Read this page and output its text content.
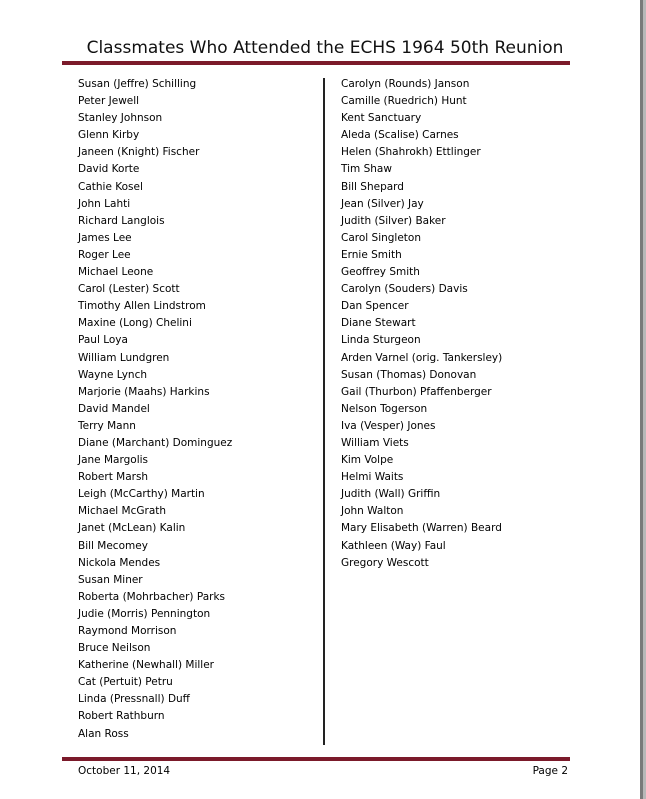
Classmates Who Attended the ECHS 1964 50th Reunion
Susan (Jeffre) Schilling
Peter Jewell
Stanley Johnson
Glenn Kirby
Janeen (Knight) Fischer
David Korte
Cathie Kosel
John Lahti
Richard Langlois
James Lee
Roger Lee
Michael Leone
Carol (Lester) Scott
Timothy Allen Lindstrom
Maxine (Long) Chelini
Paul Loya
William Lundgren
Wayne Lynch
Marjorie (Maahs) Harkins
David Mandel
Terry Mann
Diane (Marchant) Dominguez
Jane Margolis
Robert Marsh
Leigh (McCarthy) Martin
Michael McGrath
Janet (McLean) Kalin
Bill Mecomey
Nickola Mendes
Susan Miner
Roberta (Mohrbacher) Parks
Judie (Morris) Pennington
Raymond Morrison
Bruce Neilson
Katherine (Newhall) Miller
Cat (Pertuit) Petru
Linda (Pressnall) Duff
Robert Rathburn
Alan Ross
Carolyn (Rounds) Janson
Camille (Ruedrich) Hunt
Kent Sanctuary
Aleda (Scalise) Carnes
Helen (Shahrokh) Ettlinger
Tim Shaw
Bill Shepard
Jean (Silver) Jay
Judith (Silver) Baker
Carol Singleton
Ernie Smith
Geoffrey Smith
Carolyn (Souders) Davis
Dan Spencer
Diane Stewart
Linda Sturgeon
Arden Varnel (orig. Tankersley)
Susan (Thomas) Donovan
Gail (Thurbon) Pfaffenberger
Nelson Togerson
Iva (Vesper) Jones
William Viets
Kim Volpe
Helmi Waits
Judith (Wall) Griffin
John Walton
Mary Elisabeth (Warren) Beard
Kathleen (Way) Faul
Gregory Wescott
October 11, 2014	Page 2
